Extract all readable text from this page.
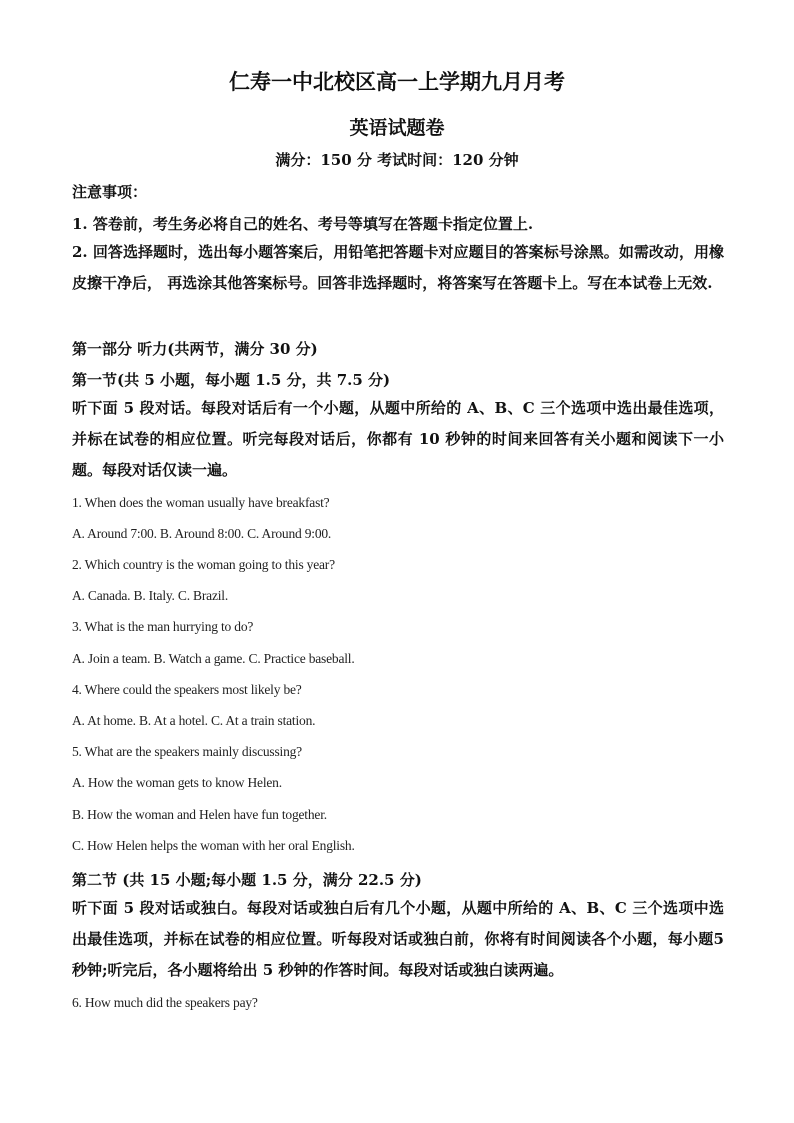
仁寿一中北校区高一上学期九月月考
英语试题卷
满分：150 分 考试时间：120 分钟
注意事项：
1. 答卷前，考生务必将自己的姓名、考号等填写在答题卡指定位置上.
2. 回答选择题时，选出每小题答案后，用铅笔把答题卡对应题目的答案标号涂黑。如需改动，用橡皮擦干净后， 再选涂其他答案标号。回答非选择题时，将答案写在答题卡上。写在本试卷上无效.
第一部分 听力(共两节，满分 30 分)
第一节(共 5 小题，每小题 1.5 分，共 7.5 分)
听下面 5 段对话。每段对话后有一个小题，从题中所给的 A、B、C 三个选项中选出最佳选项，并标在试卷的相应位置。听完每段对话后，你都有 10 秒钟的时间来回答有关小题和阅读下一小题。每段对话仅读一遍。
1. When does the woman usually have breakfast?
A. Around 7:00. B. Around 8:00. C. Around 9:00.
2. Which country is the woman going to this year?
A. Canada. B. Italy. C. Brazil.
3. What is the man hurrying to do?
A. Join a team. B. Watch a game. C. Practice baseball.
4. Where could the speakers most likely be?
A. At home. B. At a hotel. C. At a train station.
5. What are the speakers mainly discussing?
A. How the woman gets to know Helen.
B. How the woman and Helen have fun together.
C. How Helen helps the woman with her oral English.
第二节 (共 15 小题;每小题 1.5 分，满分 22.5 分)
听下面 5 段对话或独白。每段对话或独白后有几个小题，从题中所给的 A、B、C 三个选项中选出最佳选项，并标在试卷的相应位置。听每段对话或独白前，你将有时间阅读各个小题，每小题5 秒钟;听完后，各小题将给出 5 秒钟的作答时间。每段对话或独白读两遍。
6. How much did the speakers pay?
